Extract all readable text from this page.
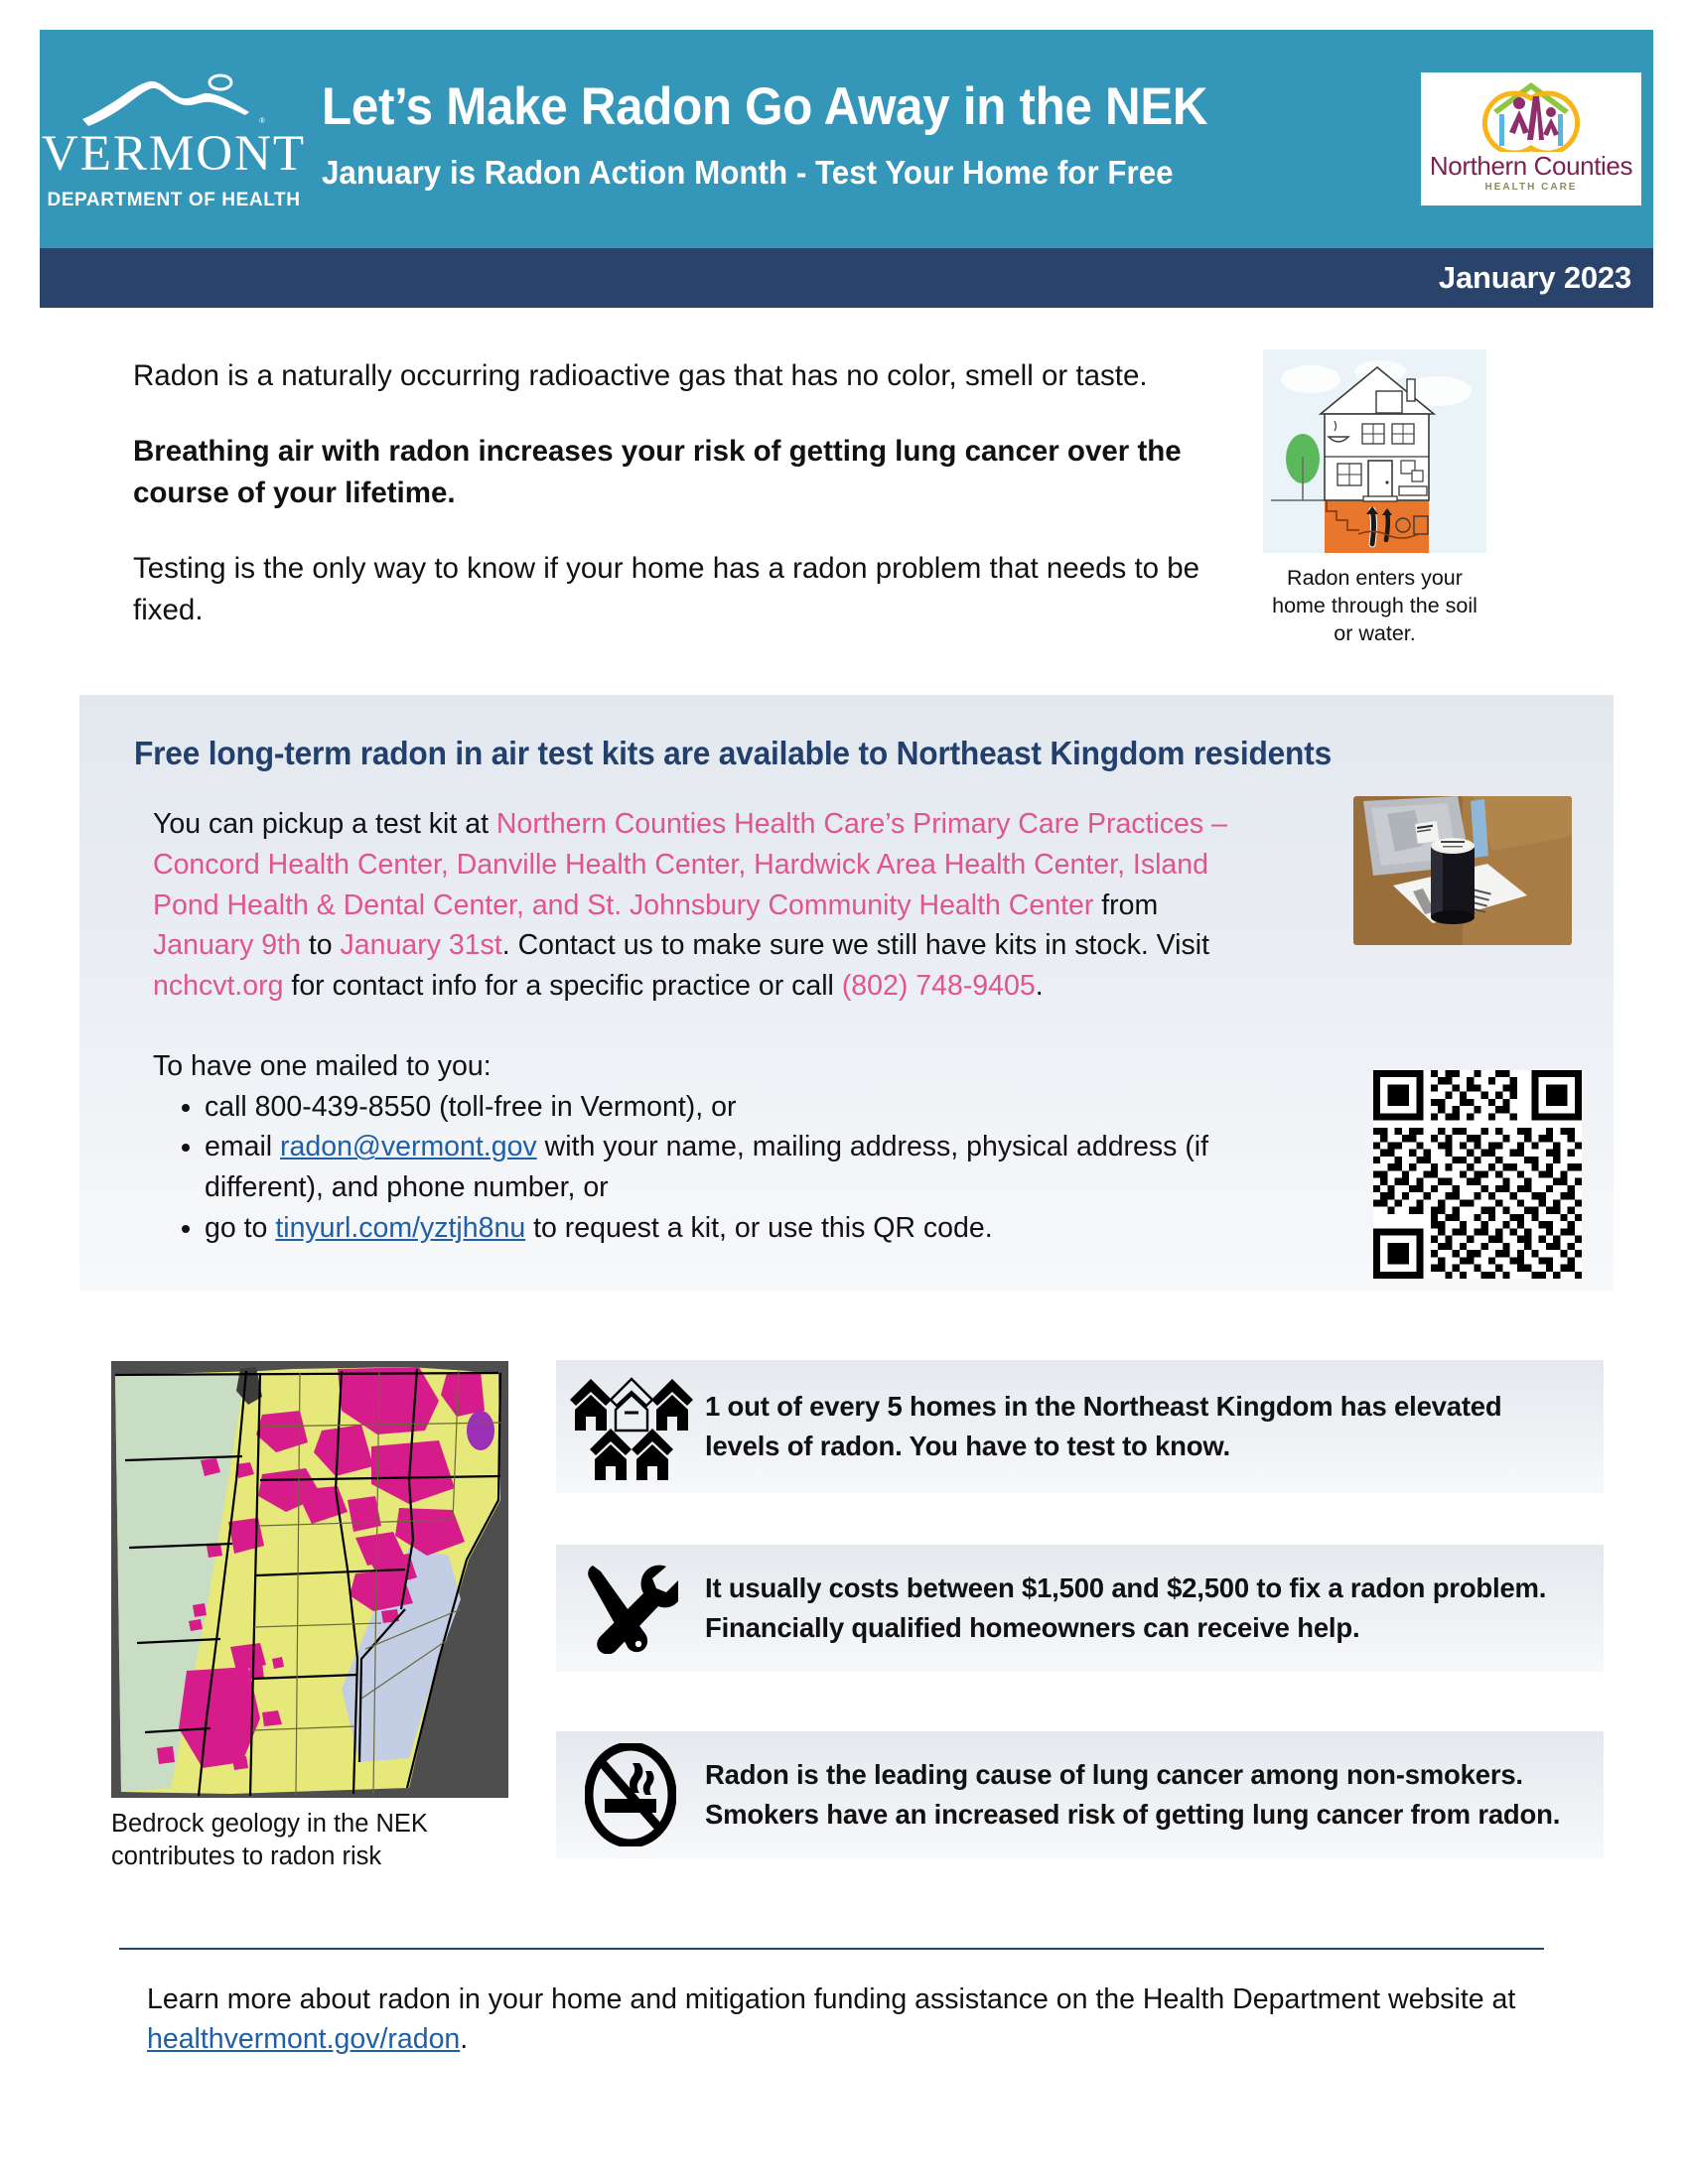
®
VERMONT
DEPARTMENT OF HEALTH
Let’s Make Radon Go Away in the NEK
January is Radon Action Month - Test Your Home for Free	Northern Counties
HEALTH CARE
January 2023

Radon is a naturally occurring radioactive gas that has no color, smell or taste.

Breathing air with radon increases your risk of getting lung cancer over the course of your lifetime.

Testing is the only way to know if your home has a radon problem that needs to be fixed.

Radon enters your home through the soil or water.
Free long-term radon in air test kits are available to Northeast Kingdom residents

You can pickup a test kit at Northern Counties Health Care’s Primary Care Practices – Concord Health Center, Danville Health Center, Hardwick Area Health Center, Island Pond Health & Dental Center, and St. Johnsbury Community Health Center from January 9th to January 31st. Contact us to make sure we still have kits in stock. Visit nchcvt.org for contact info for a specific practice or call (802) 748-9405.

To have one mailed to you:

• call 800-439-8550 (toll-free in Vermont), or
• email radon@vermont.gov with your name, mailing address, physical address (if different), and phone number, or
• go to tinyurl.com/yztjh8nu to request a kit, or use this QR code.
Bedrock geology in the NEK contributes to radon risk
1 out of every 5 homes in the Northeast Kingdom has elevated levels of radon. You have to test to know.
It usually costs between $1,500 and $2,500 to fix a radon problem. Financially qualified homeowners can receive help.
Radon is the leading cause of lung cancer among non-smokers. Smokers have an increased risk of getting lung cancer from radon.
Learn more about radon in your home and mitigation funding assistance on the Health Department website at healthvermont.gov/radon.
